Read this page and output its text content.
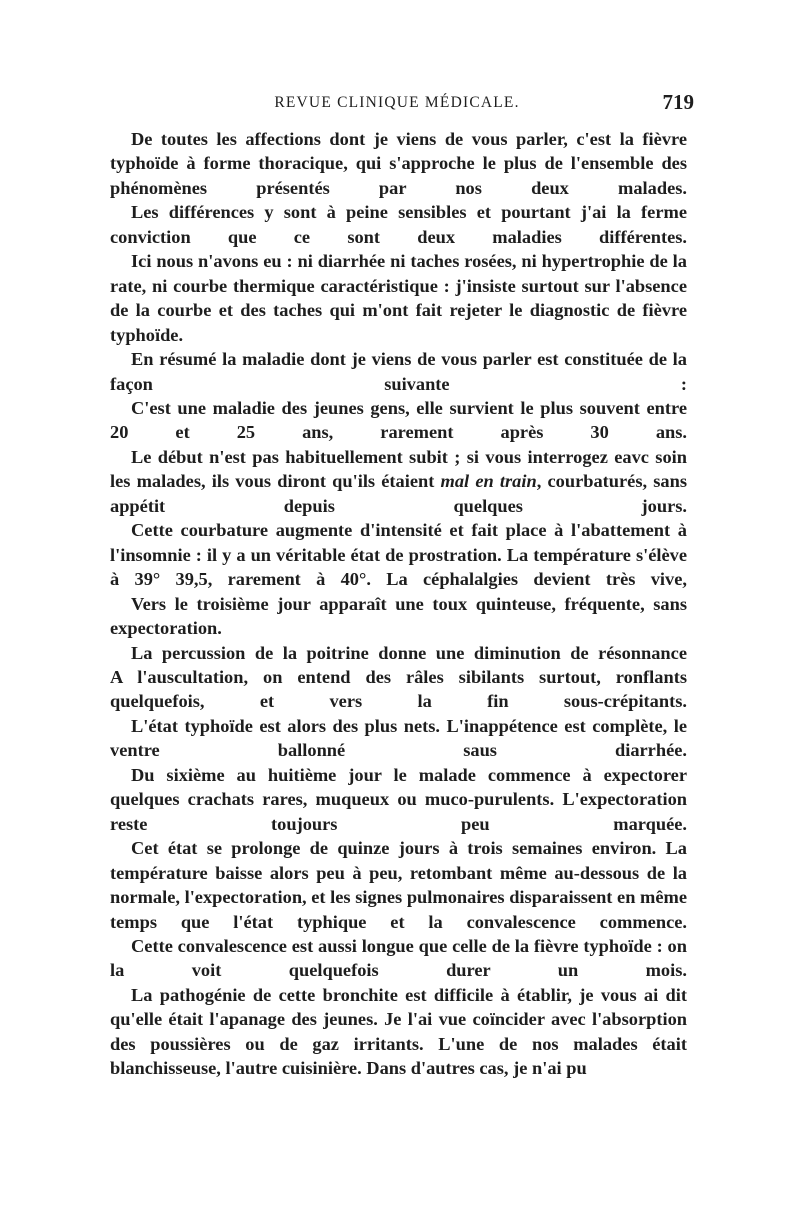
REVUE CLINIQUE MÉDICALE.	719

De toutes les affections dont je viens de vous parler, c'est la fièvre typhoïde à forme thoracique, qui s'approche le plus de l'ensemble des phénomènes présentés par nos deux malades.

Les différences y sont à peine sensibles et pourtant j'ai la ferme conviction que ce sont deux maladies différentes.

Ici nous n'avons eu : ni diarrhée ni taches rosées, ni hypertrophie de la rate, ni courbe thermique caractéristique : j'insiste surtout sur l'absence de la courbe et des taches qui m'ont fait rejeter le diagnostic de fièvre typhoïde.

En résumé la maladie dont je viens de vous parler est constituée de la façon suivante :

C'est une maladie des jeunes gens, elle survient le plus souvent entre 20 et 25 ans, rarement après 30 ans.

Le début n'est pas habituellement subit ; si vous interrogez eavc soin les malades, ils vous diront qu'ils étaient mal en train, courbaturés, sans appétit depuis quelques jours.

Cette courbature augmente d'intensité et fait place à l'abattement à l'insomnie : il y a un véritable état de prostration. La température s'élève à 39° 39,5, rarement à 40°. La céphalalgies devient très vive,

Vers le troisième jour apparaît une toux quinteuse, fréquente, sans expectoration.

La percussion de la poitrine donne une diminution de résonnance

A l'auscultation, on entend des râles sibilants surtout, ronflants quelquefois, et vers la fin sous-crépitants.

L'état typhoïde est alors des plus nets. L'inappétence est complète, le ventre ballonné saus diarrhée.

Du sixième au huitième jour le malade commence à expectorer quelques crachats rares, muqueux ou muco-purulents. L'expectoration reste toujours peu marquée.

Cet état se prolonge de quinze jours à trois semaines environ. La température baisse alors peu à peu, retombant même au-dessous de la normale, l'expectoration, et les signes pulmonaires disparaissent en même temps que l'état typhique et la convalescence commence.

Cette convalescence est aussi longue que celle de la fièvre typhoïde : on la voit quelquefois durer un mois.

La pathogénie de cette bronchite est difficile à établir, je vous ai dit qu'elle était l'apanage des jeunes. Je l'ai vue coïncider avec l'absorption des poussières ou de gaz irritants. L'une de nos malades était blanchisseuse, l'autre cuisinière. Dans d'autres cas, je n'ai pu
